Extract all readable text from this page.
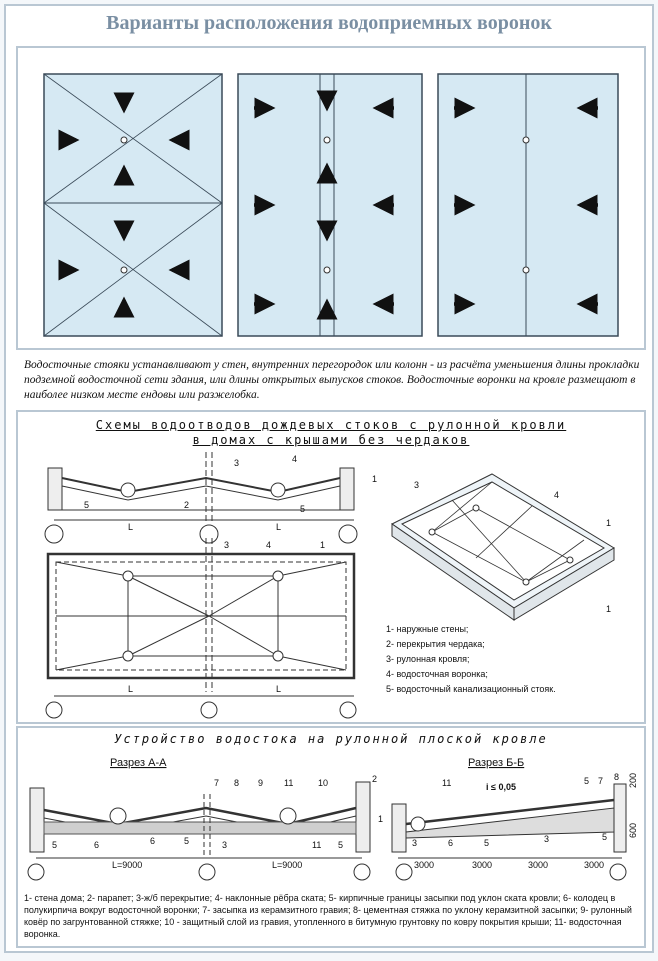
Варианты расположения водоприемных воронок
Водосточные стояки устанавливают у стен, внутренних перегородок или колонн - из расчёта уменьшения длины прокладки подземной водосточной сети здания, или длины открытых выпусков стоков. Водосточные воронки на кровле размещают в наиболее низком месте ендовы или разжелобка.
Схемы водоотводов дождевых стоков с рулонной кровли
в домах с крышами без чердаков
3	4
1
5	2	5
L	L
3	4	1
L	L
3
4
1
1
1- наружные стены;
2- перекрытия чердака;
3- рулонная кровля;
4- водосточная воронка;
5- водосточный канализационный стояк.
Устройство водостока на рулонной плоской кровле
Разрез А-А	Разрез Б-Б
7 8 9 11	10	2
1
5	6	6	5	3	11 5
L=9000	L=9000
i ≤ 0,05
11	5 7 8
3	6	5	3	5
3000	3000	3000	3000
200
600
1- стена дома; 2- парапет; 3-ж/б перекрытие; 4- наклонные рёбра ската; 5- кирпичные границы засыпки под уклон ската кровли; 6- колодец в полукирпича вокруг водосточной воронки; 7- засыпка из керамзитного гравия; 8- цементная стяжка по уклону керамзитной засыпки; 9- рулонный ковёр по загрунтованной стяжке; 10 - защитный слой из гравия, утопленного в битумную грунтовку по ковру покрытия крыши; 11- водосточная воронка.
